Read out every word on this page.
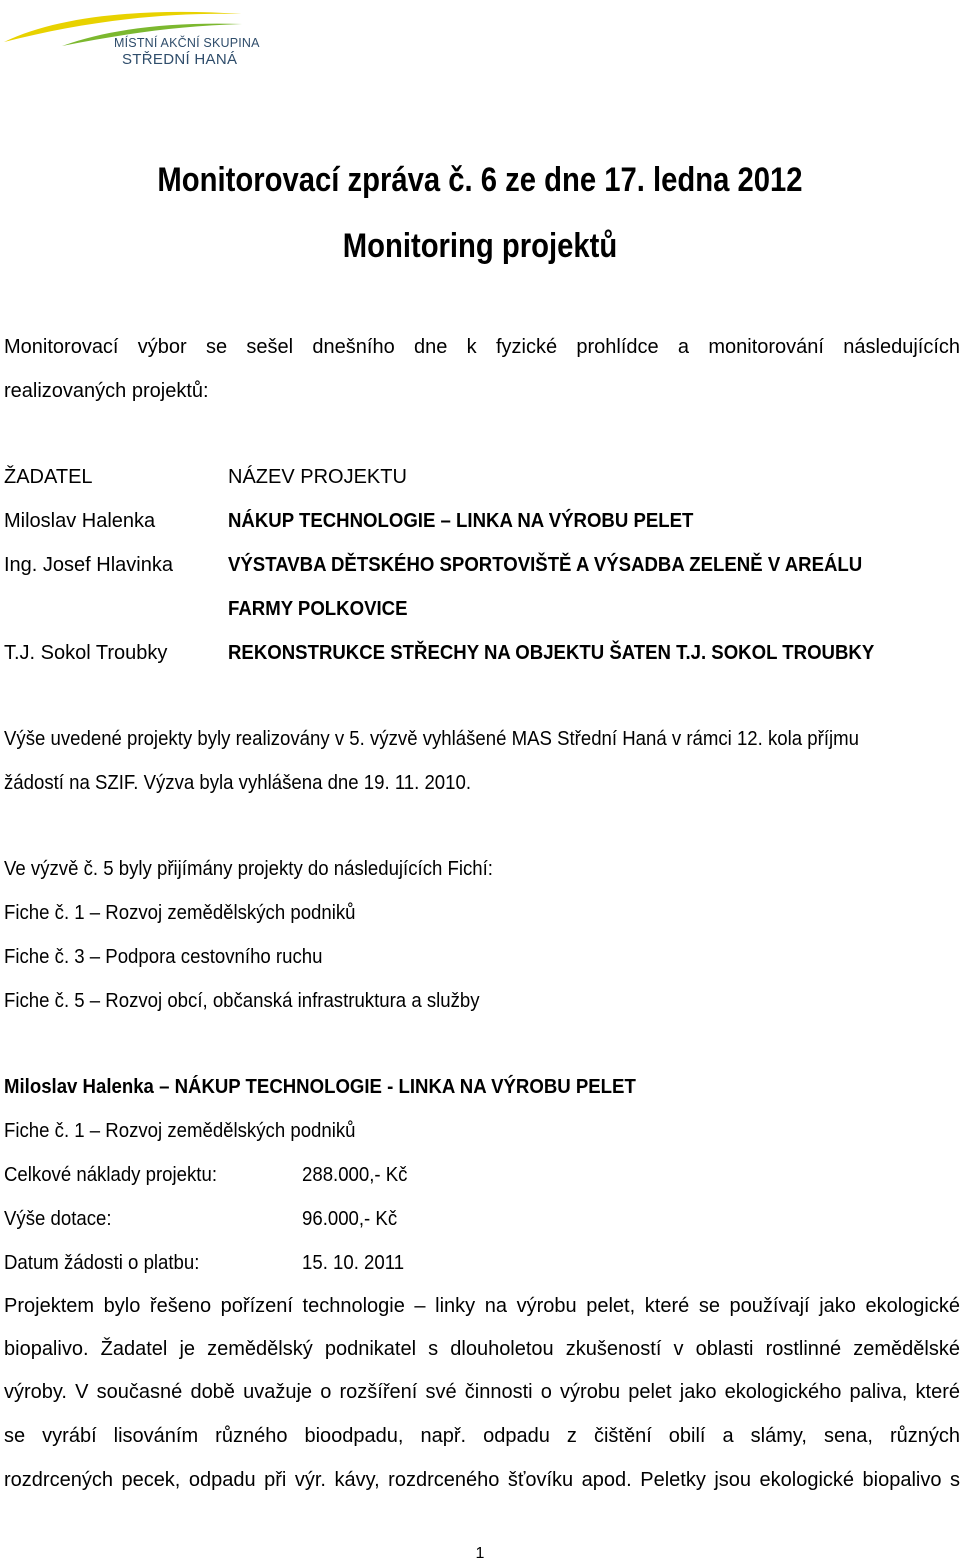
MÍSTNÍ AKČNÍ SKUPINA
STŘEDNÍ HANÁ
Monitorovací zpráva č. 6 ze dne 17. ledna 2012
Monitoring projektů
Monitorovací výbor se sešel dnešního dne k fyzické prohlídce a monitorování následujících
realizovaných projektů:
ŽADATEL	NÁZEV PROJEKTU
Miloslav Halenka	NÁKUP TECHNOLOGIE – LINKA NA VÝROBU PELET
Ing. Josef Hlavinka	VÝSTAVBA DĚTSKÉHO SPORTOVIŠTĚ A VÝSADBA ZELENĚ V AREÁLU
FARMY POLKOVICE
T.J. Sokol Troubky	REKONSTRUKCE STŘECHY NA OBJEKTU ŠATEN T.J. SOKOL TROUBKY
Výše uvedené projekty byly realizovány v 5. výzvě vyhlášené MAS Střední Haná v rámci 12. kola příjmu
žádostí na SZIF. Výzva byla vyhlášena dne 19. 11. 2010.
Ve výzvě č. 5 byly přijímány projekty do následujících Fichí:
Fiche č. 1 – Rozvoj zemědělských podniků
Fiche č. 3 – Podpora cestovního ruchu
Fiche č. 5 – Rozvoj obcí, občanská infrastruktura a služby
Miloslav Halenka – NÁKUP TECHNOLOGIE - LINKA NA VÝROBU PELET
Fiche č. 1 – Rozvoj zemědělských podniků
Celkové náklady projektu:	288.000,- Kč
Výše dotace:	96.000,- Kč
Datum žádosti o platbu:	15. 10. 2011
Projektem bylo řešeno pořízení technologie – linky na výrobu pelet, které se používají jako ekologické
biopalivo. Žadatel je zemědělský podnikatel s dlouholetou zkušeností v oblasti rostlinné zemědělské
výroby. V současné době uvažuje o rozšíření své činnosti o výrobu pelet jako ekologického paliva, které
se vyrábí lisováním různého bioodpadu, např. odpadu z čištění obilí a slámy, sena, různých
rozdrcených pecek, odpadu při výr. kávy, rozdrceného šťovíku apod. Peletky jsou ekologické biopalivo s
1
